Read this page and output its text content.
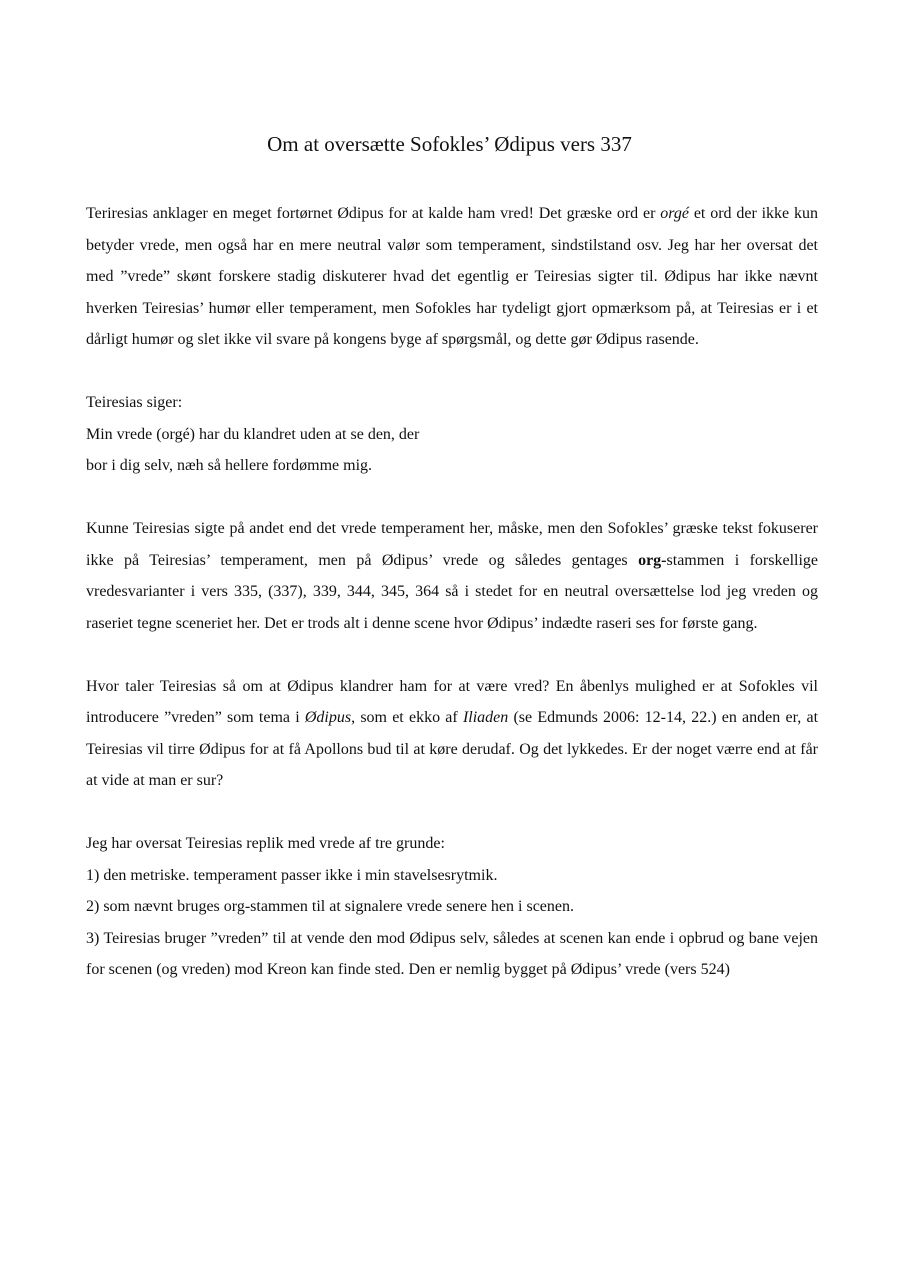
Om at oversætte Sofokles’ Ødipus vers 337

Teriresias anklager en meget fortørnet Ødipus for at kalde ham vred! Det græske ord er orgé et ord der ikke kun betyder vrede, men også har en mere neutral valør som temperament, sindstilstand osv. Jeg har her oversat det med ”vrede” skønt forskere stadig diskuterer hvad det egentlig er Teiresias sigter til. Ødipus har ikke nævnt hverken Teiresias’ humør eller temperament, men Sofokles har tydeligt gjort opmærksom på, at Teiresias er i et dårligt humør og slet ikke vil svare på kongens byge af spørgsmål, og dette gør Ødipus rasende.

Teiresias siger:
Min vrede (orgé) har du klandret uden at se den, der
bor i dig selv, næh så hellere fordømme mig.

Kunne Teiresias sigte på andet end det vrede temperament her, måske, men den Sofokles’ græske tekst fokuserer ikke på Teiresias’ temperament, men på Ødipus’ vrede og således gentages org-stammen i forskellige vredesvarianter i vers 335, (337), 339, 344, 345, 364 så i stedet for en neutral oversættelse lod jeg vreden og raseriet tegne sceneriet her. Det er trods alt i denne scene hvor Ødipus’ indædte raseri ses for første gang.

Hvor taler Teiresias så om at Ødipus klandrer ham for at være vred? En åbenlys mulighed er at Sofokles vil introducere ”vreden” som tema i Ødipus, som et ekko af Iliaden (se Edmunds 2006: 12-14, 22.) en anden er, at Teiresias vil tirre Ødipus for at få Apollons bud til at køre derudaf. Og det lykkedes. Er der noget værre end at får at vide at man er sur?

Jeg har oversat Teiresias replik med vrede af tre grunde:
1) den metriske. temperament passer ikke i min stavelsesrytmik.
2) som nævnt bruges org-stammen til at signalere vrede senere hen i scenen.
3) Teiresias bruger ”vreden” til at vende den mod Ødipus selv, således at scenen kan ende i opbrud og bane vejen for scenen (og vreden) mod Kreon kan finde sted. Den er nemlig bygget på Ødipus’ vrede (vers 524)
